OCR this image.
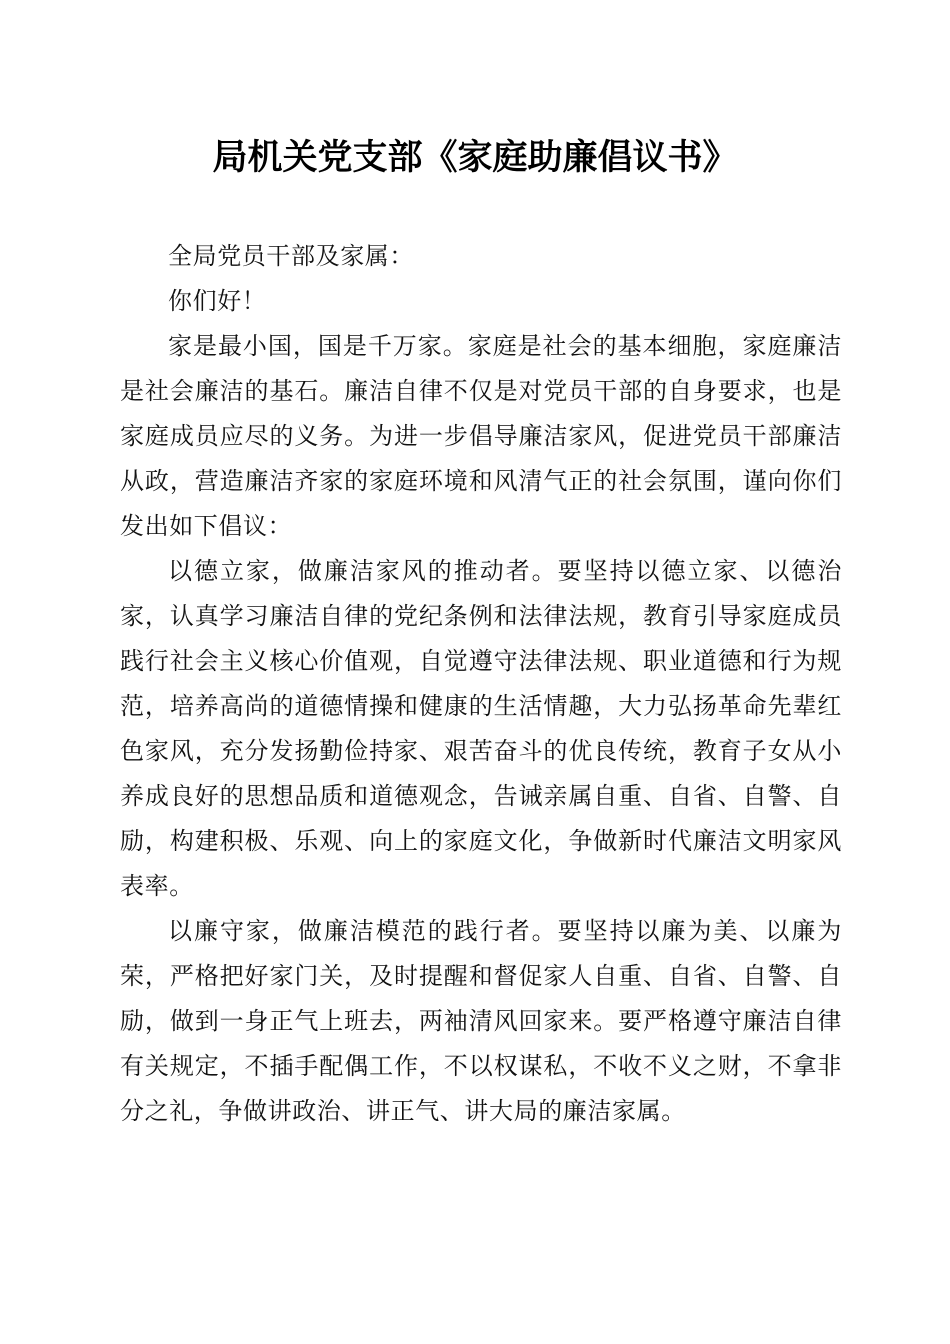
局机关党支部《家庭助廉倡议书》

全局党员干部及家属：

你们好！

家是最小国，国是千万家。家庭是社会的基本细胞，家庭廉洁是社会廉洁的基石。廉洁自律不仅是对党员干部的自身要求，也是家庭成员应尽的义务。为进一步倡导廉洁家风，促进党员干部廉洁从政，营造廉洁齐家的家庭环境和风清气正的社会氛围，谨向你们发出如下倡议：

以德立家，做廉洁家风的推动者。要坚持以德立家、以德治家，认真学习廉洁自律的党纪条例和法律法规，教育引导家庭成员践行社会主义核心价值观，自觉遵守法律法规、职业道德和行为规范，培养高尚的道德情操和健康的生活情趣，大力弘扬革命先辈红色家风，充分发扬勤俭持家、艰苦奋斗的优良传统，教育子女从小养成良好的思想品质和道德观念，告诫亲属自重、自省、自警、自励，构建积极、乐观、向上的家庭文化，争做新时代廉洁文明家风表率。

以廉守家，做廉洁模范的践行者。要坚持以廉为美、以廉为荣，严格把好家门关，及时提醒和督促家人自重、自省、自警、自励，做到一身正气上班去，两袖清风回家来。要严格遵守廉洁自律有关规定，不插手配偶工作，不以权谋私，不收不义之财，不拿非分之礼，争做讲政治、讲正气、讲大局的廉洁家属。
